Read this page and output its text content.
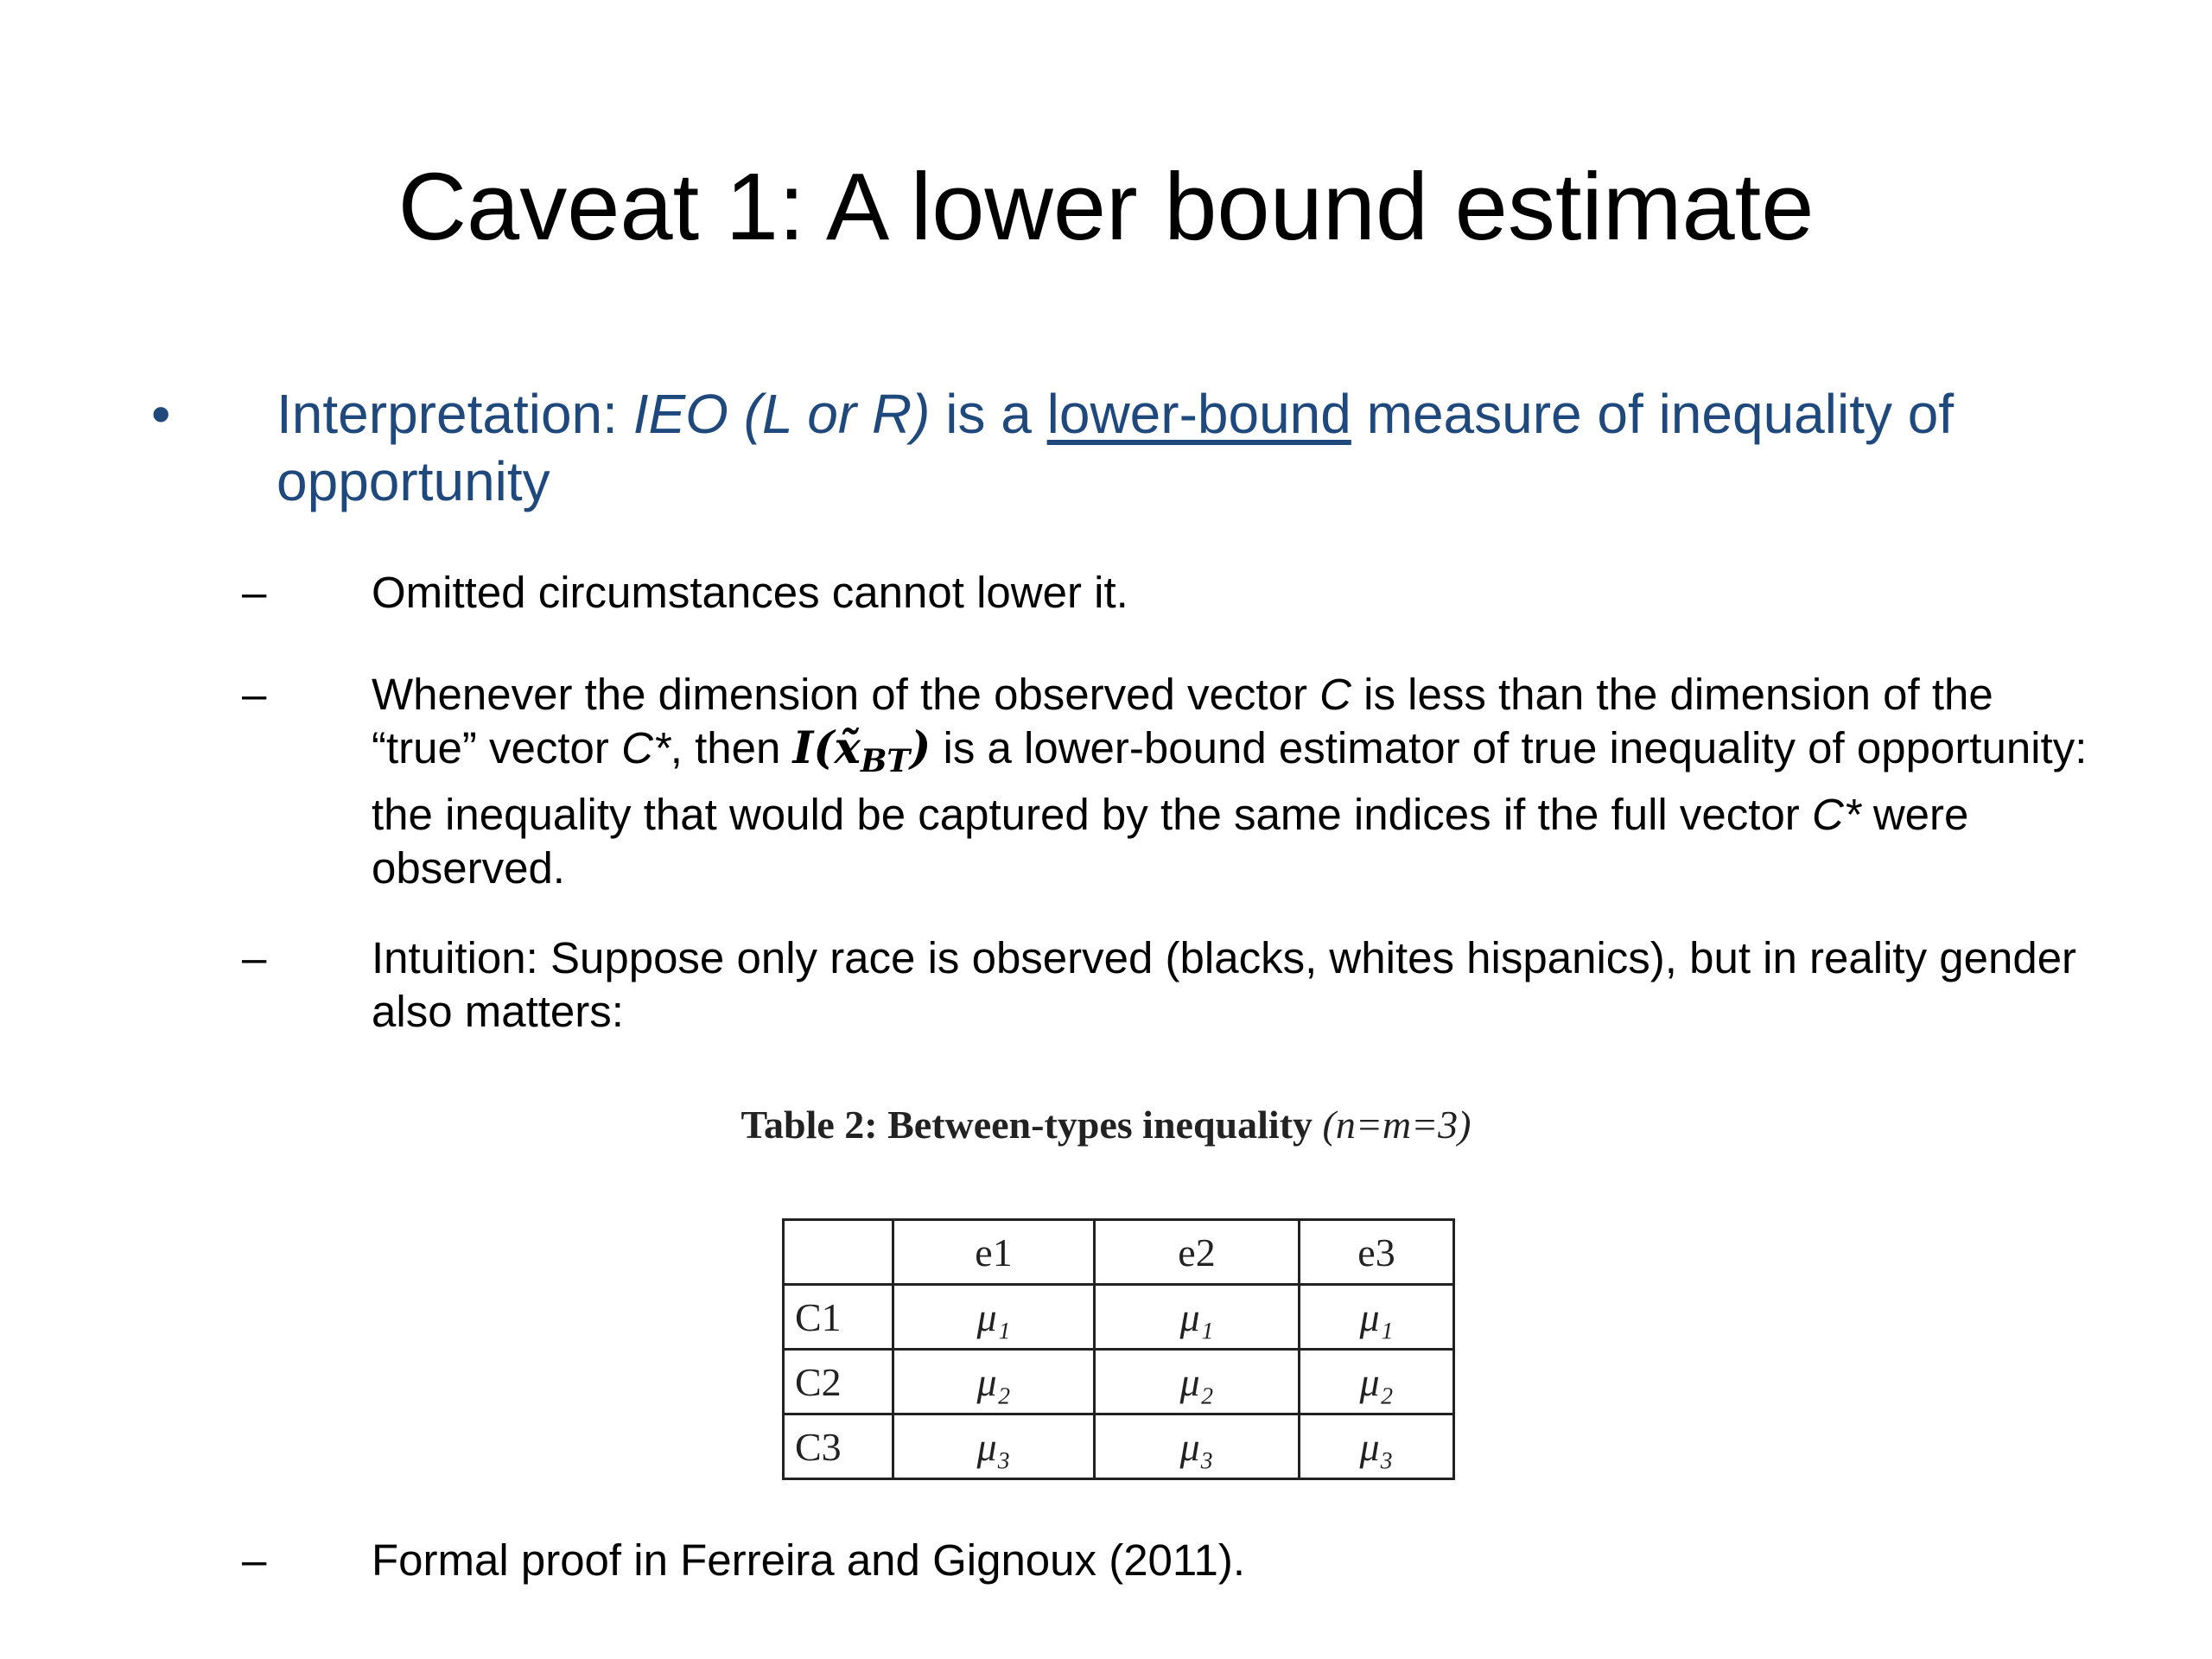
Caveat 1: A lower bound estimate
• Interpretation: IEO (L or R) is a lower-bound measure of inequality of opportunity
– Omitted circumstances cannot lower it.
– Whenever the dimension of the observed vector C is less than the dimension of the “true” vector C*, then $I(x̃_{BT})$ is a lower-bound estimator of true inequality of opportunity: the inequality that would be captured by the same indices if the full vector C* were observed.
– Intuition: Suppose only race is observed (blacks, whites hispanics), but in reality gender also matters:
Table 2: Between-types inequality (n=m=3)
	e1	e2	e3
C1	μ₁	μ₁	μ₁
C2	μ₂	μ₂	μ₂
C3	μ₃	μ₃	μ₃
– Formal proof in Ferreira and Gignoux (2011).
